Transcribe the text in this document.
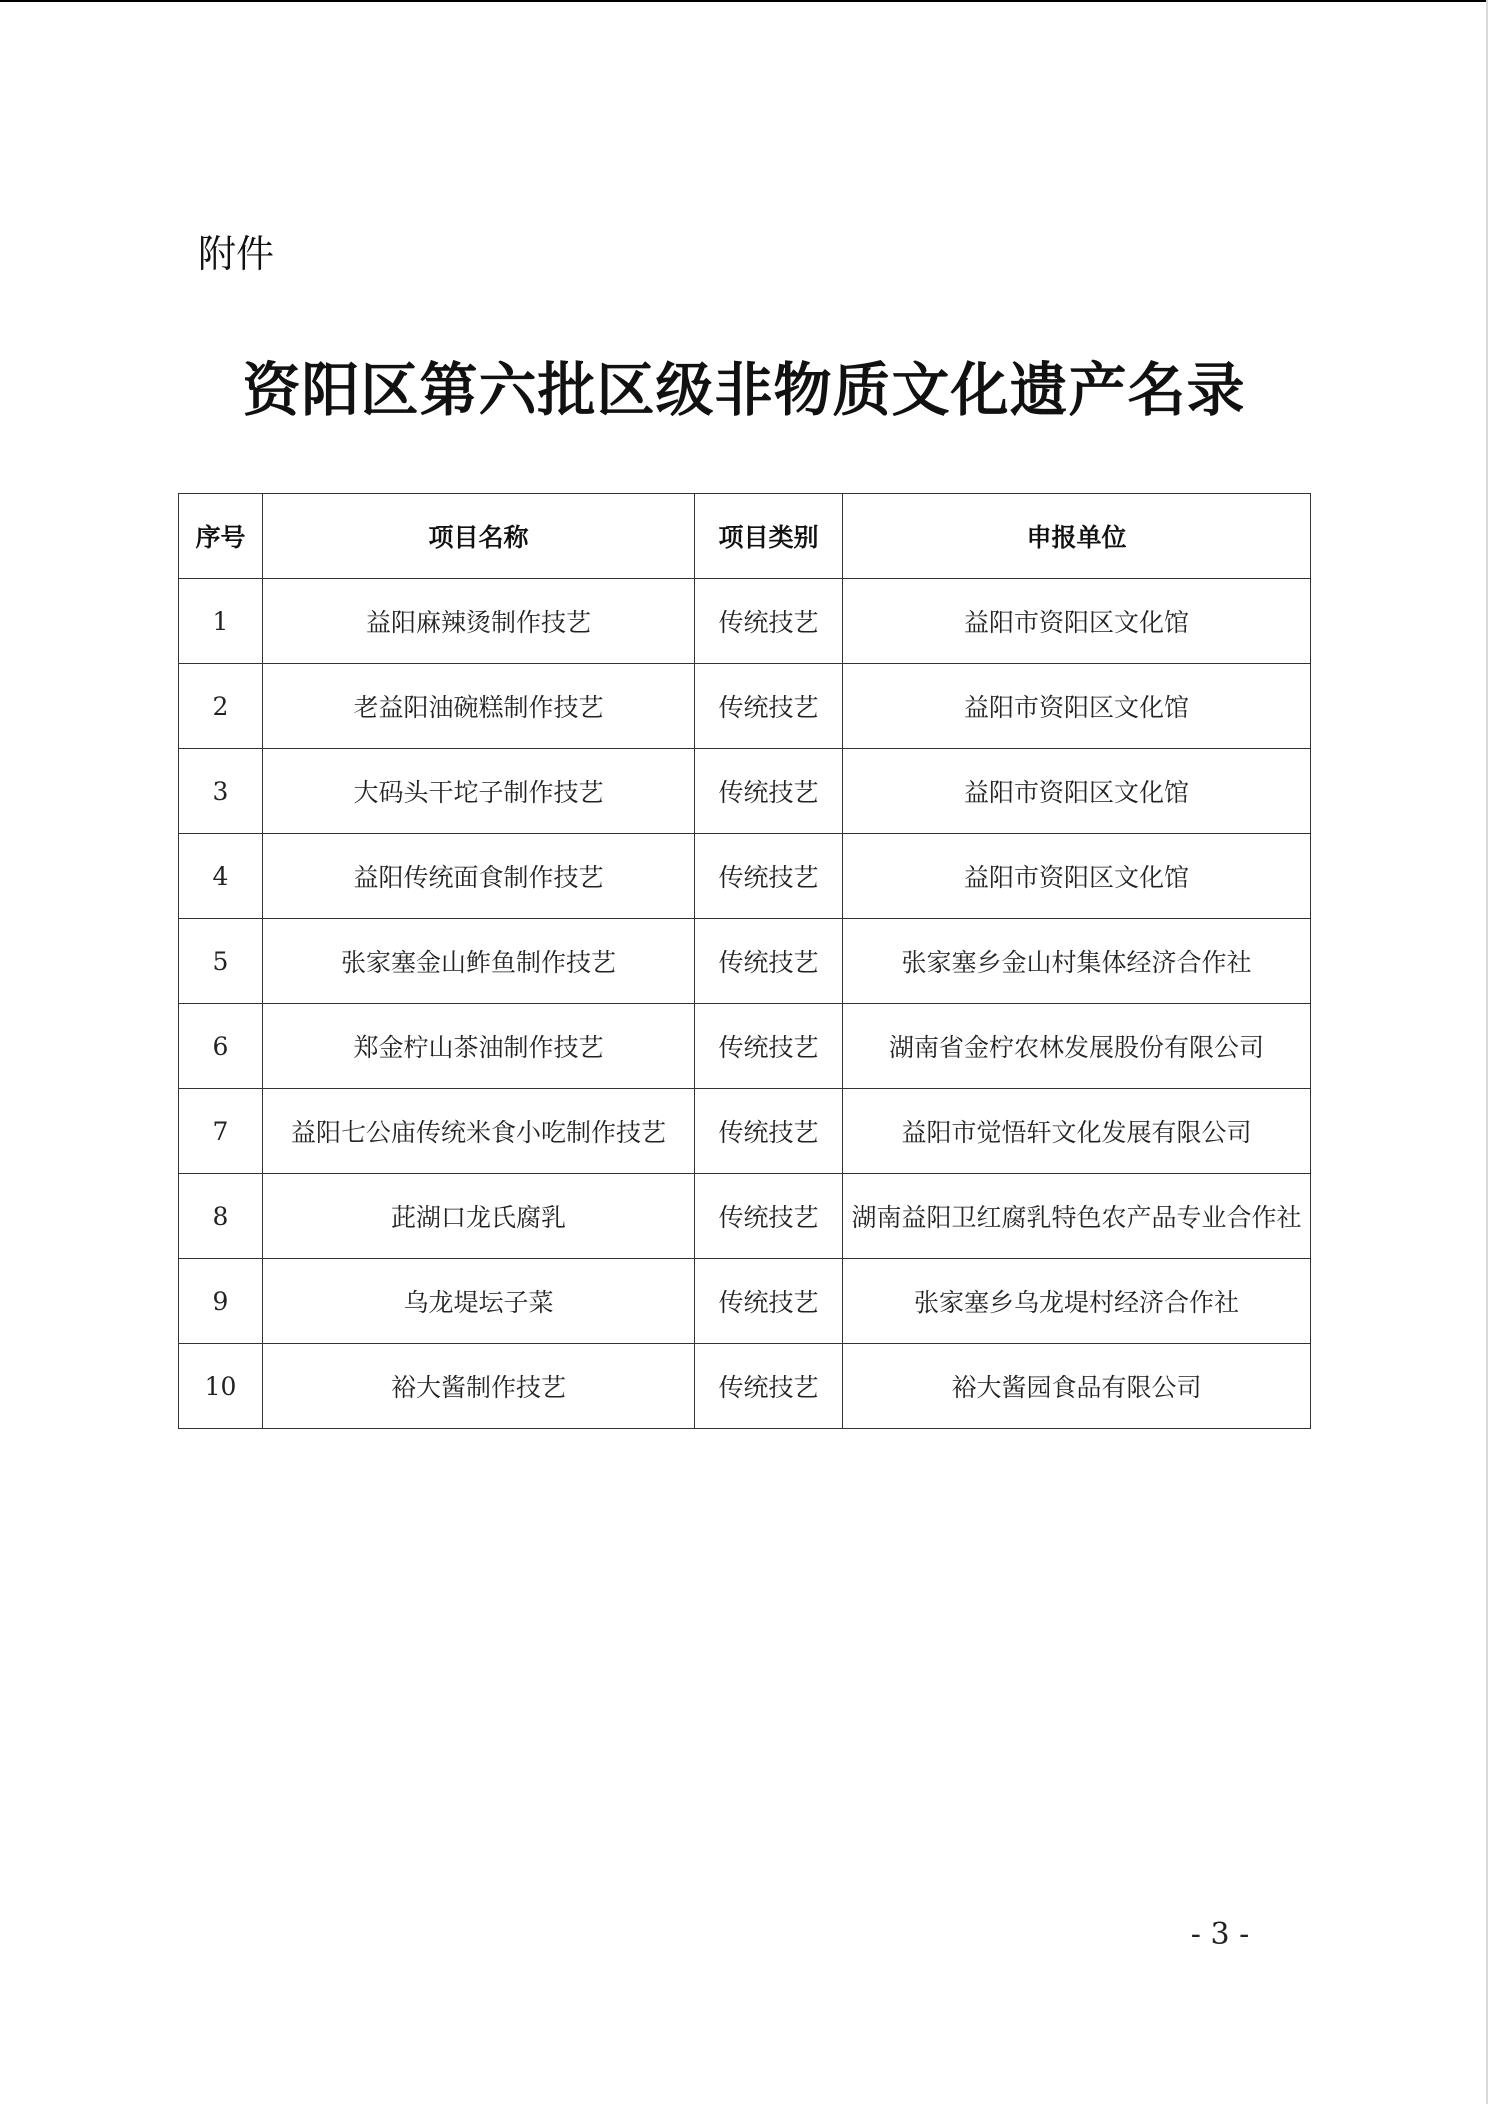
附件
资阳区第六批区级非物质文化遗产名录
序号	项目名称	项目类别	申报单位
1	益阳麻辣烫制作技艺	传统技艺	益阳市资阳区文化馆
2	老益阳油碗糕制作技艺	传统技艺	益阳市资阳区文化馆
3	大码头干坨子制作技艺	传统技艺	益阳市资阳区文化馆
4	益阳传统面食制作技艺	传统技艺	益阳市资阳区文化馆
5	张家塞金山鲊鱼制作技艺	传统技艺	张家塞乡金山村集体经济合作社
6	郑金柠山茶油制作技艺	传统技艺	湖南省金柠农林发展股份有限公司
7	益阳七公庙传统米食小吃制作技艺	传统技艺	益阳市觉悟轩文化发展有限公司
8	茈湖口龙氏腐乳	传统技艺	湖南益阳卫红腐乳特色农产品专业合作社
9	乌龙堤坛子菜	传统技艺	张家塞乡乌龙堤村经济合作社
10	裕大酱制作技艺	传统技艺	裕大酱园食品有限公司
- 3 -
